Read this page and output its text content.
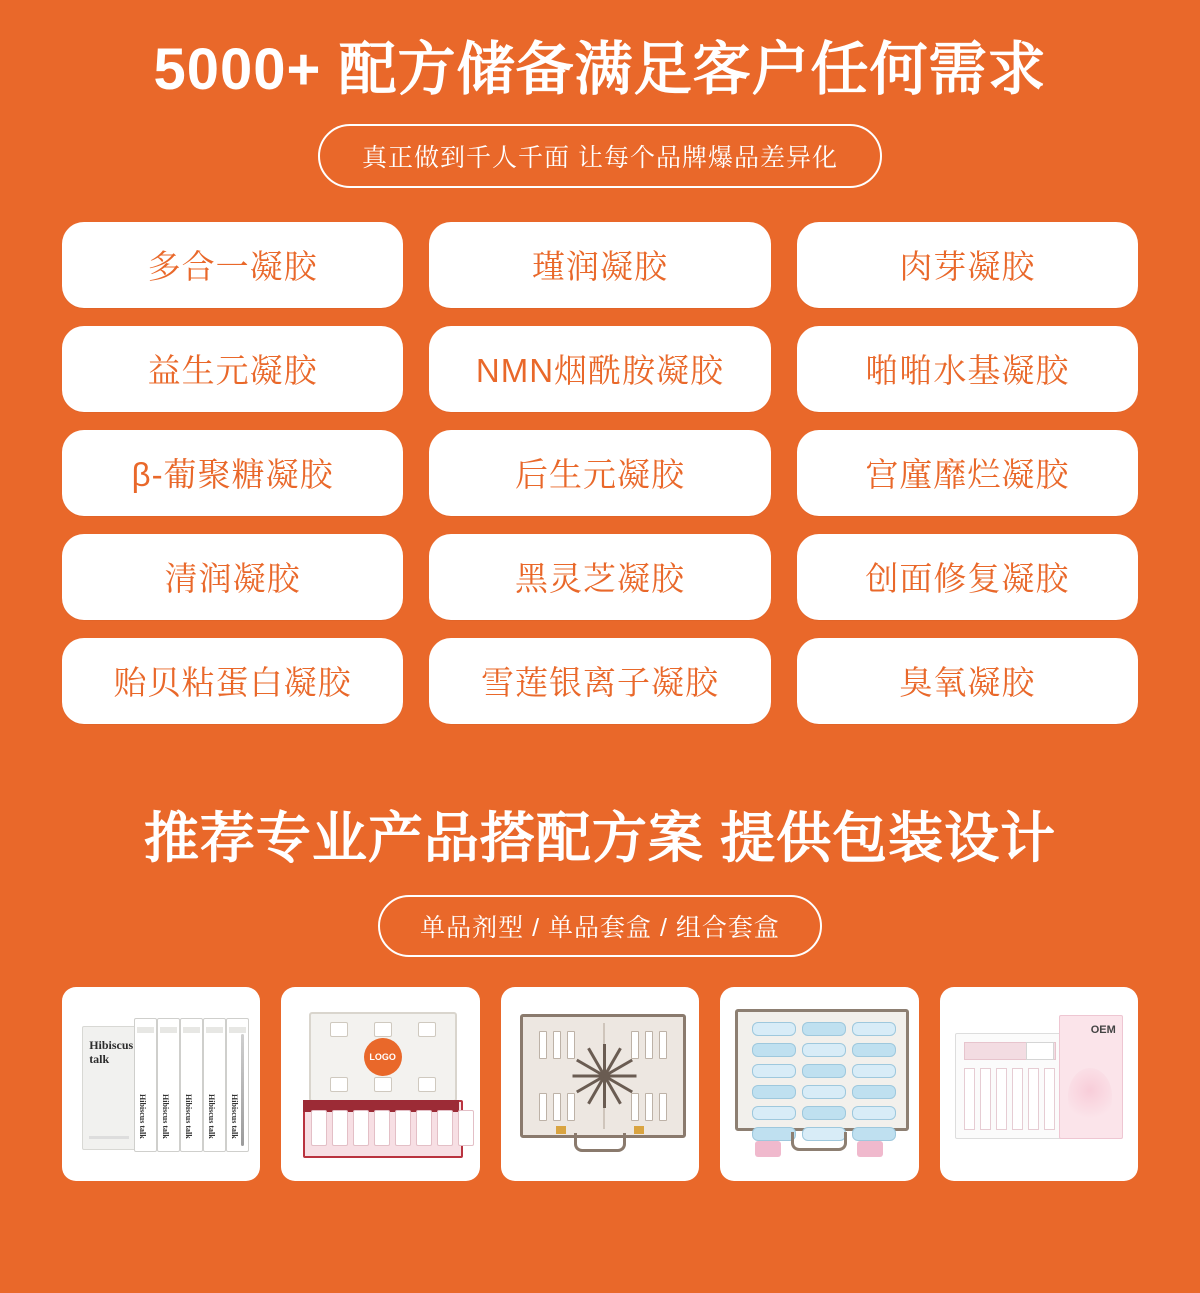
5000+ 配方储备满足客户任何需求
真正做到千人千面 让每个品牌爆品差异化
多合一凝胶	瑾润凝胶	肉芽凝胶
益生元凝胶	NMN烟酰胺凝胶	啪啪水基凝胶
β-葡聚糖凝胶	后生元凝胶	宫廑靡烂凝胶
清润凝胶	黑灵芝凝胶	创面修复凝胶
贻贝粘蛋白凝胶	雪莲银离子凝胶	臭氧凝胶
推荐专业产品搭配方案 提供包装设计
单品剂型 / 单品套盒 / 组合套盒
Hibiscus
talk
Hibiscus talk Hibiscus talk Hibiscus talk Hibiscus talk Hibiscus talk
LOGO
OEM
